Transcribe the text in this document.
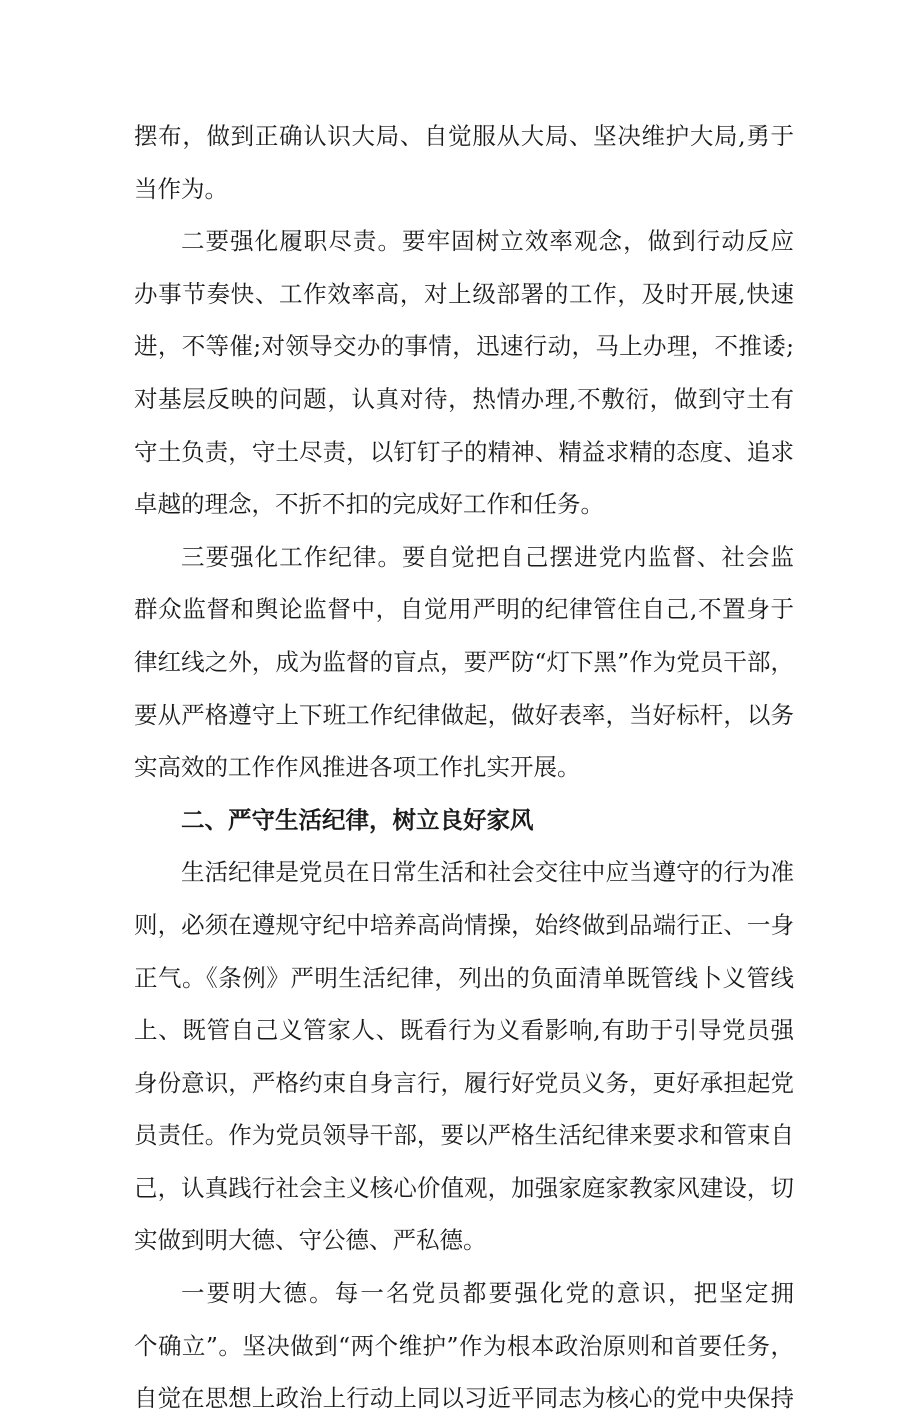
摆布，做到正确认识大局、自觉服从大局、坚决维护大局,勇于
当作为。
二要强化履职尽责。要牢固树立效率观念，做到行动反应
办事节奏快、工作效率高，对上级部署的工作，及时开展,快速
进，不等催;对领导交办的事情，迅速行动，马上办理，不推诿;
对基层反映的问题，认真对待，热情办理,不敷衍，做到守土有
守土负责，守土尽责，以钉钉子的精神、精益求精的态度、追求
卓越的理念，不折不扣的完成好工作和任务。
三要强化工作纪律。要自觉把自己摆进党内监督、社会监
群众监督和舆论监督中，自觉用严明的纪律管住自己,不置身于
律红线之外，成为监督的盲点，要严防“灯下黑”作为党员干部，
要从严格遵守上下班工作纪律做起，做好表率，当好标杆，以务
实高效的工作作风推进各项工作扎实开展。
二、严守生活纪律，树立良好家风
生活纪律是党员在日常生活和社会交往中应当遵守的行为准
则，必须在遵规守纪中培养高尚情操，始终做到品端行正、一身
正气。《条例》严明生活纪律，列出的负面清单既管线卜义管线
上、既管自己义管家人、既看行为义看影响,有助于引导党员强
身份意识，严格约束自身言行，履行好党员义务，更好承担起党
员责任。作为党员领导干部，要以严格生活纪律来要求和管束自
己，认真践行社会主义核心价值观，加强家庭家教家风建设，切
实做到明大德、守公德、严私德。
一要明大德。每一名党员都要强化党的意识，把坚定拥
个确立”。坚决做到“两个维护”作为根本政治原则和首要任务，
自觉在思想上政治上行动上同以习近平同志为核心的党中央保持
